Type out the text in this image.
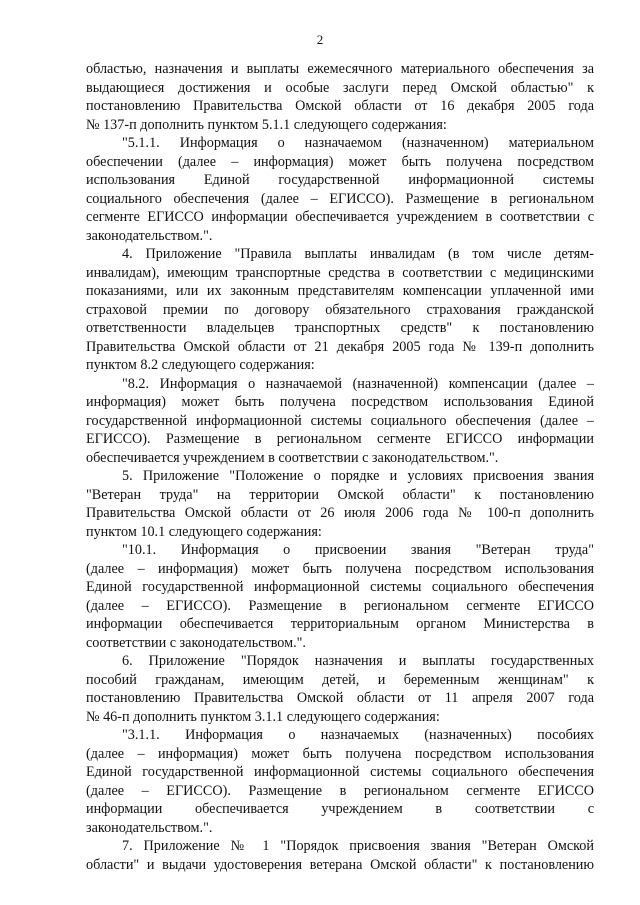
2
областью, назначения и выплаты ежемесячного материального обеспечения за
выдающиеся достижения и особые заслуги перед Омской областью" к
постановлению Правительства Омской области от 16 декабря 2005 года
№ 137-п дополнить пунктом 5.1.1 следующего содержания:
"5.1.1. Информация о назначаемом (назначенном) материальном
обеспечении (далее – информация) может быть получена посредством
использования Единой государственной информационной системы
социального обеспечения (далее – ЕГИССО). Размещение в региональном
сегменте ЕГИССО информации обеспечивается учреждением в соответствии с
законодательством.".
4. Приложение "Правила выплаты инвалидам (в том числе детям-
инвалидам), имеющим транспортные средства в соответствии с медицинскими
показаниями, или их законным представителям компенсации уплаченной ими
страховой премии по договору обязательного страхования гражданской
ответственности владельцев транспортных средств" к постановлению
Правительства Омской области от 21 декабря 2005 года № 139-п дополнить
пунктом 8.2 следующего содержания:
"8.2. Информация о назначаемой (назначенной) компенсации (далее –
информация) может быть получена посредством использования Единой
государственной информационной системы социального обеспечения (далее –
ЕГИССО). Размещение в региональном сегменте ЕГИССО информации
обеспечивается учреждением в соответствии с законодательством.".
5. Приложение "Положение о порядке и условиях присвоения звания
"Ветеран труда" на территории Омской области" к постановлению
Правительства Омской области от 26 июля 2006 года № 100-п дополнить
пунктом 10.1 следующего содержания:
"10.1. Информация о присвоении звания "Ветеран труда"
(далее – информация) может быть получена посредством использования
Единой государственной информационной системы социального обеспечения
(далее – ЕГИССО). Размещение в региональном сегменте ЕГИССО
информации обеспечивается территориальным органом Министерства в
соответствии с законодательством.".
6. Приложение "Порядок назначения и выплаты государственных
пособий гражданам, имеющим детей, и беременным женщинам" к
постановлению Правительства Омской области от 11 апреля 2007 года
№ 46-п дополнить пунктом 3.1.1 следующего содержания:
"3.1.1. Информация о назначаемых (назначенных) пособиях
(далее – информация) может быть получена посредством использования
Единой государственной информационной системы социального обеспечения
(далее – ЕГИССО). Размещение в региональном сегменте ЕГИССО
информации обеспечивается учреждением в соответствии с
законодательством.".
7. Приложение № 1 "Порядок присвоения звания "Ветеран Омской
области" и выдачи удостоверения ветерана Омской области" к постановлению
